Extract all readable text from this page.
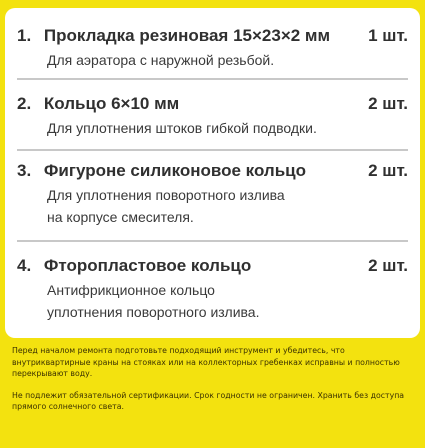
1. Прокладка резиновая 15×23×2 мм 1 шт.
Для аэратора с наружной резьбой.
2. Кольцо 6×10 мм	2 шт.
Для уплотнения штоков гибкой подводки.
3. Фигуроне силиконовое кольцо	2 шт.
Для уплотнения поворотного излива
на корпусе смесителя.
4. Фторопластовое кольцо	2 шт.
Антифрикционное кольцо
уплотнения поворотного излива.

Перед началом ремонта подготовьте подходящий инструмент и убедитесь, что внутриквартирные краны на стояках или на коллекторных гребенках исправны и полностью перекрывают воду.

Не подлежит обязательной сертификации. Срок годности не ограничен. Хранить без доступа прямого солнечного света.
